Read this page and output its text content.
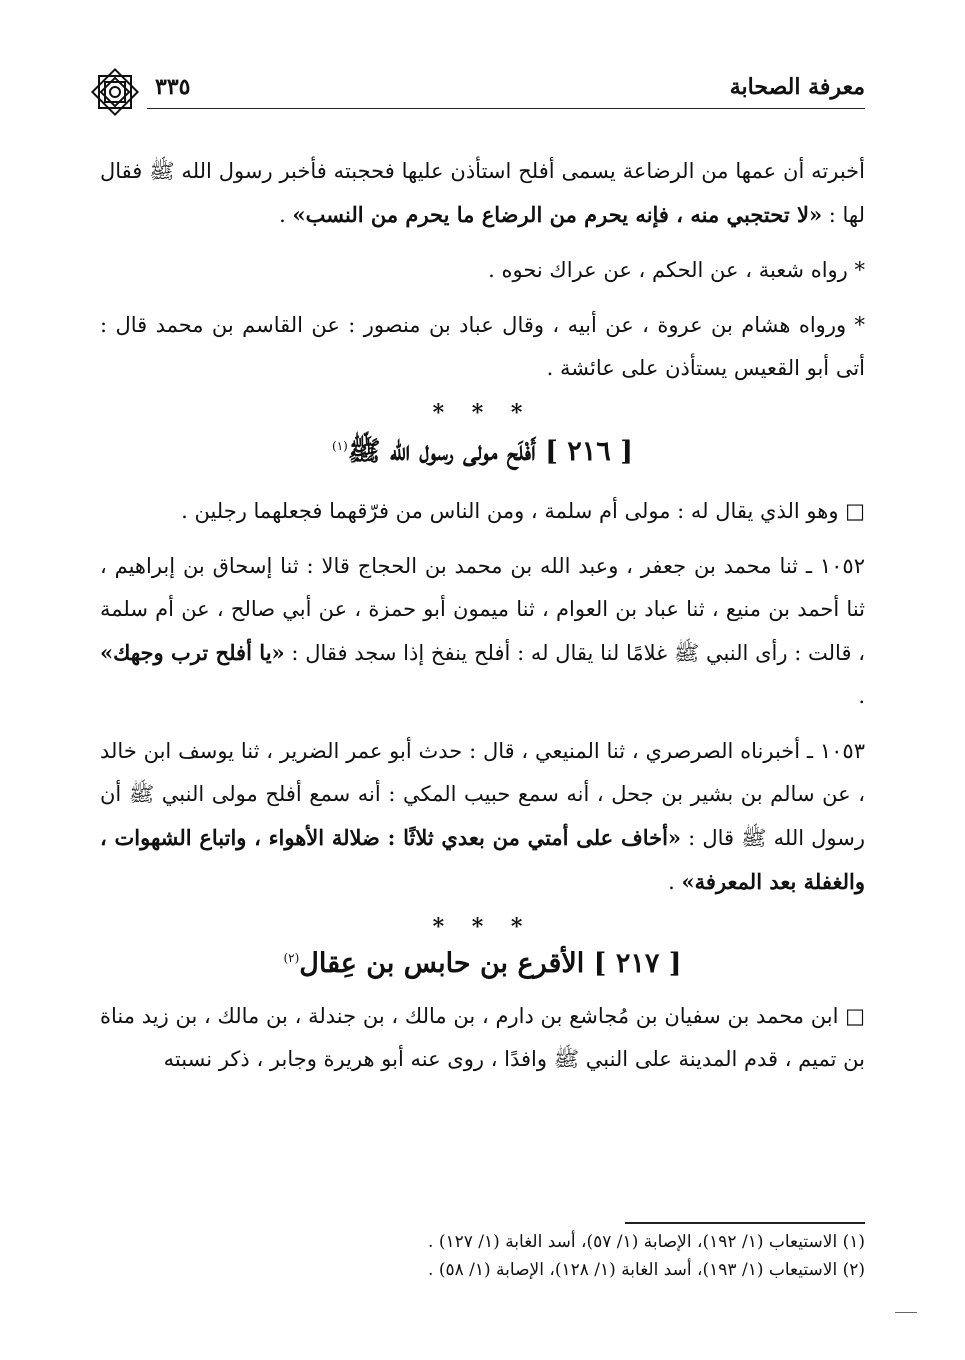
معرفة الصحابة
٣٣٥

أخبرته أن عمها من الرضاعة يسمى أفلح استأذن عليها فحجبته فأخبر رسول الله ﷺ فقال لها : «لا تحتجبي منه ، فإنه يحرم من الرضاع ما يحرم من النسب» .

* رواه شعبة ، عن الحكم ، عن عراك نحوه .

* ورواه هشام بن عروة ، عن أبيه ، وقال عباد بن منصور : عن القاسم بن محمد قال : أتى أبو القعيس يستأذن على عائشة .

* * *
[ ٢١٦ ] أَفْلَح مولى رسول الله ﷺ$^{(١)}$

□ وهو الذي يقال له : مولى أم سلمة ، ومن الناس من فرّقهما فجعلهما رجلين .

١٠٥٢ ـ ثنا محمد بن جعفر ، وعبد الله بن محمد بن الحجاج قالا : ثنا إسحاق بن إبراهيم ، ثنا أحمد بن منيع ، ثنا عباد بن العوام ، ثنا ميمون أبو حمزة ، عن أبي صالح ، عن أم سلمة ، قالت : رأى النبي ﷺ غلامًا لنا يقال له : أفلح ينفخ إذا سجد فقال : «يا أفلح ترب وجهك» .

١٠٥٣ ـ أخبرناه الصرصري ، ثنا المنيعي ، قال : حدث أبو عمر الضرير ، ثنا يوسف ابن خالد ، عن سالم بن بشير بن جحل ، أنه سمع حبيب المكي : أنه سمع أفلح مولى النبي ﷺ أن رسول الله ﷺ قال : «أخاف على أمتي من بعدي ثلاثًا : ضلالة الأهواء ، واتباع الشهوات ، والغفلة بعد المعرفة» .

* * *
[ ٢١٧ ] الأقرع بن حابس بن عِقال$^{(٢)}$

□ ابن محمد بن سفيان بن مُجاشع بن دارم ، بن مالك ، بن جندلة ، بن مالك ، بن زيد مناة بن تميم ، قدم المدينة على النبي ﷺ وافدًا ، روى عنه أبو هريرة وجابر ، ذكر نسبته

(١) الاستيعاب (١/ ١٩٢)، الإصابة (١/ ٥٧)، أسد الغابة (١/ ١٢٧) .
(٢) الاستيعاب (١/ ١٩٣)، أسد الغابة (١/ ١٢٨)، الإصابة (١/ ٥٨) .
